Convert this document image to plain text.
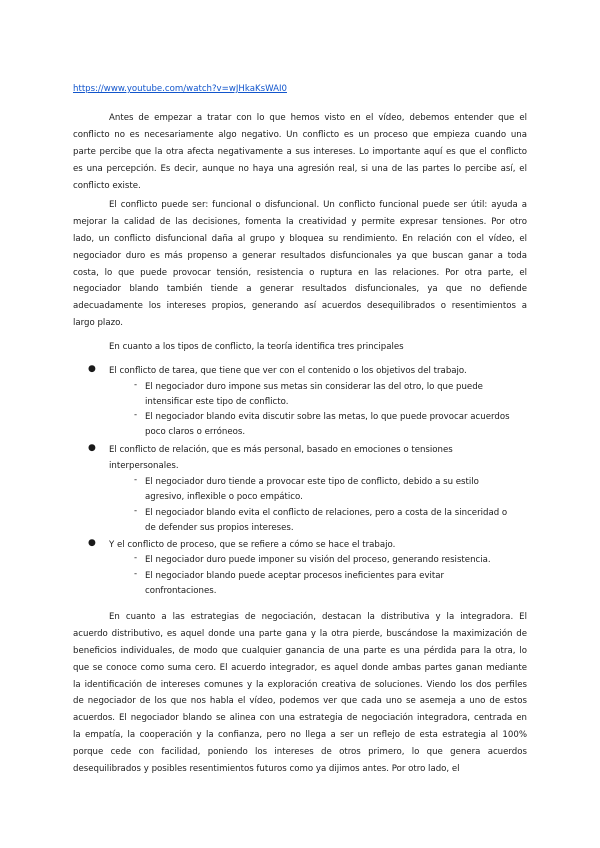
https://www.youtube.com/watch?v=wJHkaKsWAI0
Antes de empezar a tratar con lo que hemos visto en el vídeo, debemos entender que el
conflicto no es necesariamente algo negativo. Un conflicto es un proceso que empieza cuando una
parte percibe que la otra afecta negativamente a sus intereses. Lo importante aquí es que el conflicto
es una percepción. Es decir, aunque no haya una agresión real, si una de las partes lo percibe así, el
conflicto existe.
El conflicto puede ser: funcional o disfuncional. Un conflicto funcional puede ser útil: ayuda a
mejorar la calidad de las decisiones, fomenta la creatividad y permite expresar tensiones. Por otro
lado, un conflicto disfuncional daña al grupo y bloquea su rendimiento. En relación con el vídeo, el
negociador duro es más propenso a generar resultados disfuncionales ya que buscan ganar a toda
costa, lo que puede provocar tensión, resistencia o ruptura en las relaciones. Por otra parte, el
negociador blando también tiende a generar resultados disfuncionales, ya que no defiende
adecuadamente los intereses propios, generando así acuerdos desequilibrados o resentimientos a
largo plazo.
En cuanto a los tipos de conflicto, la teoría identifica tres principales
● El conflicto de tarea, que tiene que ver con el contenido o los objetivos del trabajo.
- El negociador duro impone sus metas sin considerar las del otro, lo que puede
intensificar este tipo de conflicto.
- El negociador blando evita discutir sobre las metas, lo que puede provocar acuerdos
poco claros o erróneos.
● El conflicto de relación, que es más personal, basado en emociones o tensiones
interpersonales.
- El negociador duro tiende a provocar este tipo de conflicto, debido a su estilo
agresivo, inflexible o poco empático.
- El negociador blando evita el conflicto de relaciones, pero a costa de la sinceridad o
de defender sus propios intereses.
● Y el conflicto de proceso, que se refiere a cómo se hace el trabajo.
- El negociador duro puede imponer su visión del proceso, generando resistencia.
- El negociador blando puede aceptar procesos ineficientes para evitar
confrontaciones.
En cuanto a las estrategias de negociación, destacan la distributiva y la integradora. El
acuerdo distributivo, es aquel donde una parte gana y la otra pierde, buscándose la maximización de
beneficios individuales, de modo que cualquier ganancia de una parte es una pérdida para la otra, lo
que se conoce como suma cero. El acuerdo integrador, es aquel donde ambas partes ganan mediante
la identificación de intereses comunes y la exploración creativa de soluciones. Viendo los dos perfiles
de negociador de los que nos habla el vídeo, podemos ver que cada uno se asemeja a uno de estos
acuerdos. El negociador blando se alinea con una estrategia de negociación integradora, centrada en
la empatía, la cooperación y la confianza, pero no llega a ser un reflejo de esta estrategia al 100%
porque cede con facilidad, poniendo los intereses de otros primero, lo que genera acuerdos
desequilibrados y posibles resentimientos futuros como ya dijimos antes. Por otro lado, el
